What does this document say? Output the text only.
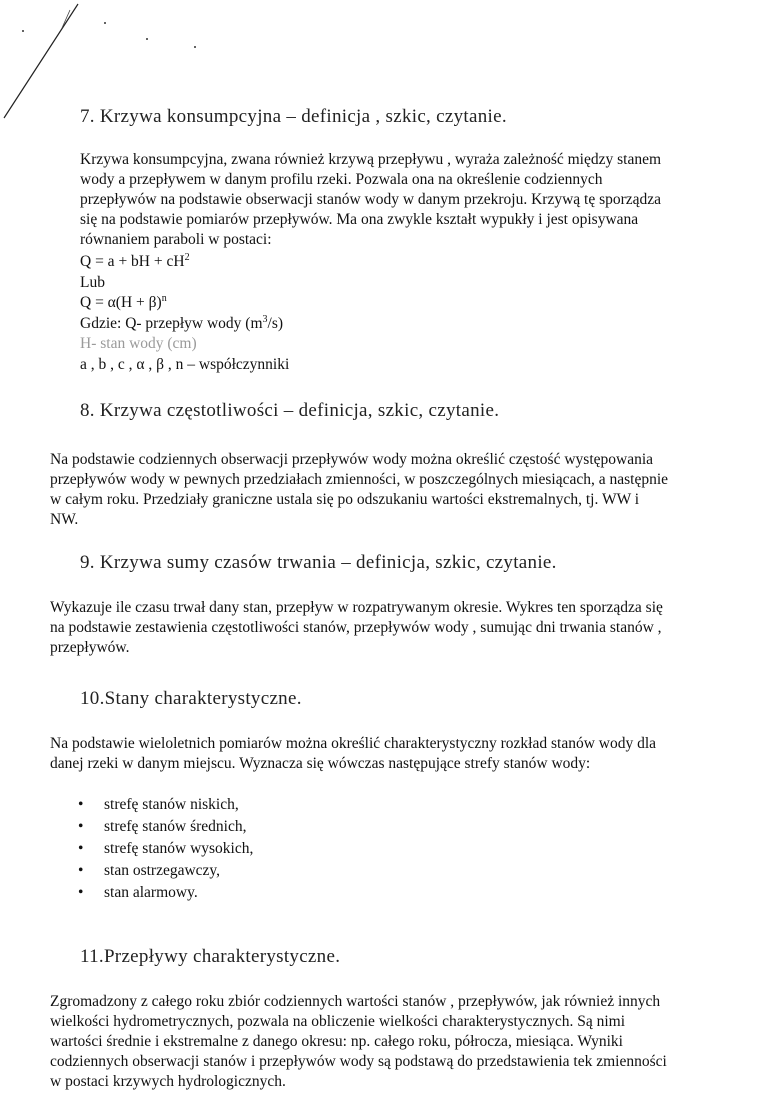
7. Krzywa konsumpcyjna – definicja , szkic, czytanie.
Krzywa konsumpcyjna, zwana również krzywą przepływu , wyraża zależność między stanem
wody a przepływem w danym profilu rzeki. Pozwala ona na określenie codziennych
przepływów na podstawie obserwacji stanów wody w danym przekroju. Krzywą tę sporządza
się na podstawie pomiarów przepływów. Ma ona zwykle kształt wypukły i jest opisywana
równaniem paraboli w postaci:
Q = a + bH + $cH^2$
Lub
$Q = \alpha(H + \beta)^n$
Gdzie: Q- przepływ wody $(m^3/s)$
H- stan wody (cm)
a , b , c , α , β , n – współczynniki
8. Krzywa częstotliwości – definicja, szkic, czytanie.
Na podstawie codziennych obserwacji przepływów wody można określić częstość występowania
przepływów wody w pewnych przedziałach zmienności, w poszczególnych miesiącach, a następnie
w całym roku. Przedziały graniczne ustala się po odszukaniu wartości ekstremalnych, tj. WW i
NW.
9. Krzywa sumy czasów trwania – definicja, szkic, czytanie.
Wykazuje ile czasu trwał dany stan, przepływ w rozpatrywanym okresie. Wykres ten sporządza się
na podstawie zestawienia częstotliwości stanów, przepływów wody , sumując dni trwania stanów ,
przepływów.
10.Stany charakterystyczne.
Na podstawie wieloletnich pomiarów można określić charakterystyczny rozkład stanów wody dla
danej rzeki w danym miejscu. Wyznacza się wówczas następujące strefy stanów wody:
• strefę stanów niskich,
• strefę stanów średnich,
• strefę stanów wysokich,
• stan ostrzegawczy,
• stan alarmowy.
11.Przepływy charakterystyczne.
Zgromadzony z całego roku zbiór codziennych wartości stanów , przepływów, jak również innych
wielkości hydrometrycznych, pozwala na obliczenie wielkości charakterystycznych. Są nimi
wartości średnie i ekstremalne z danego okresu: np. całego roku, półrocza, miesiąca. Wyniki
codziennych obserwacji stanów i przepływów wody są podstawą do przedstawienia tek zmienności
w postaci krzywych hydrologicznych.
